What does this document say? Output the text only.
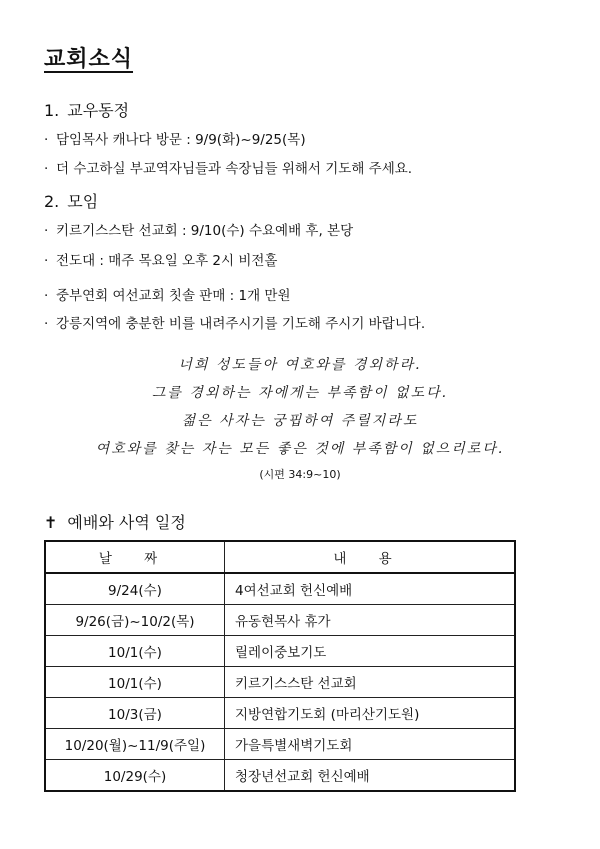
교회소식
1. 교우동정
· 담임목사 캐나다 방문 : 9/9(화)~9/25(목)
· 더 수고하실 부교역자님들과 속장님들 위해서 기도해 주세요.
2. 모임
· 키르기스스탄 선교회 : 9/10(수) 수요예배 후, 본당
· 전도대 : 매주 목요일 오후 2시 비전홀
· 중부연회 여선교회 칫솔 판매 : 1개 만원
· 강릉지역에 충분한 비를 내려주시기를 기도해 주시기 바랍니다.
너희 성도들아 여호와를 경외하라.
그를 경외하는 자에게는 부족함이 없도다.
젊은 사자는 궁핍하여 주릴지라도
여호와를 찾는 자는 모든 좋은 것에 부족함이 없으리로다.
(시편 34:9~10)
✝ 예배와 사역 일정
날 짜	내 용
9/24(수)	4여선교회 헌신예배
9/26(금)~10/2(목)	유동현목사 휴가
10/1(수)	릴레이중보기도
10/1(수)	키르기스스탄 선교회
10/3(금)	지방연합기도회 (마리산기도원)
10/20(월)~11/9(주일)	가을특별새벽기도회
10/29(수)	청장년선교회 헌신예배
